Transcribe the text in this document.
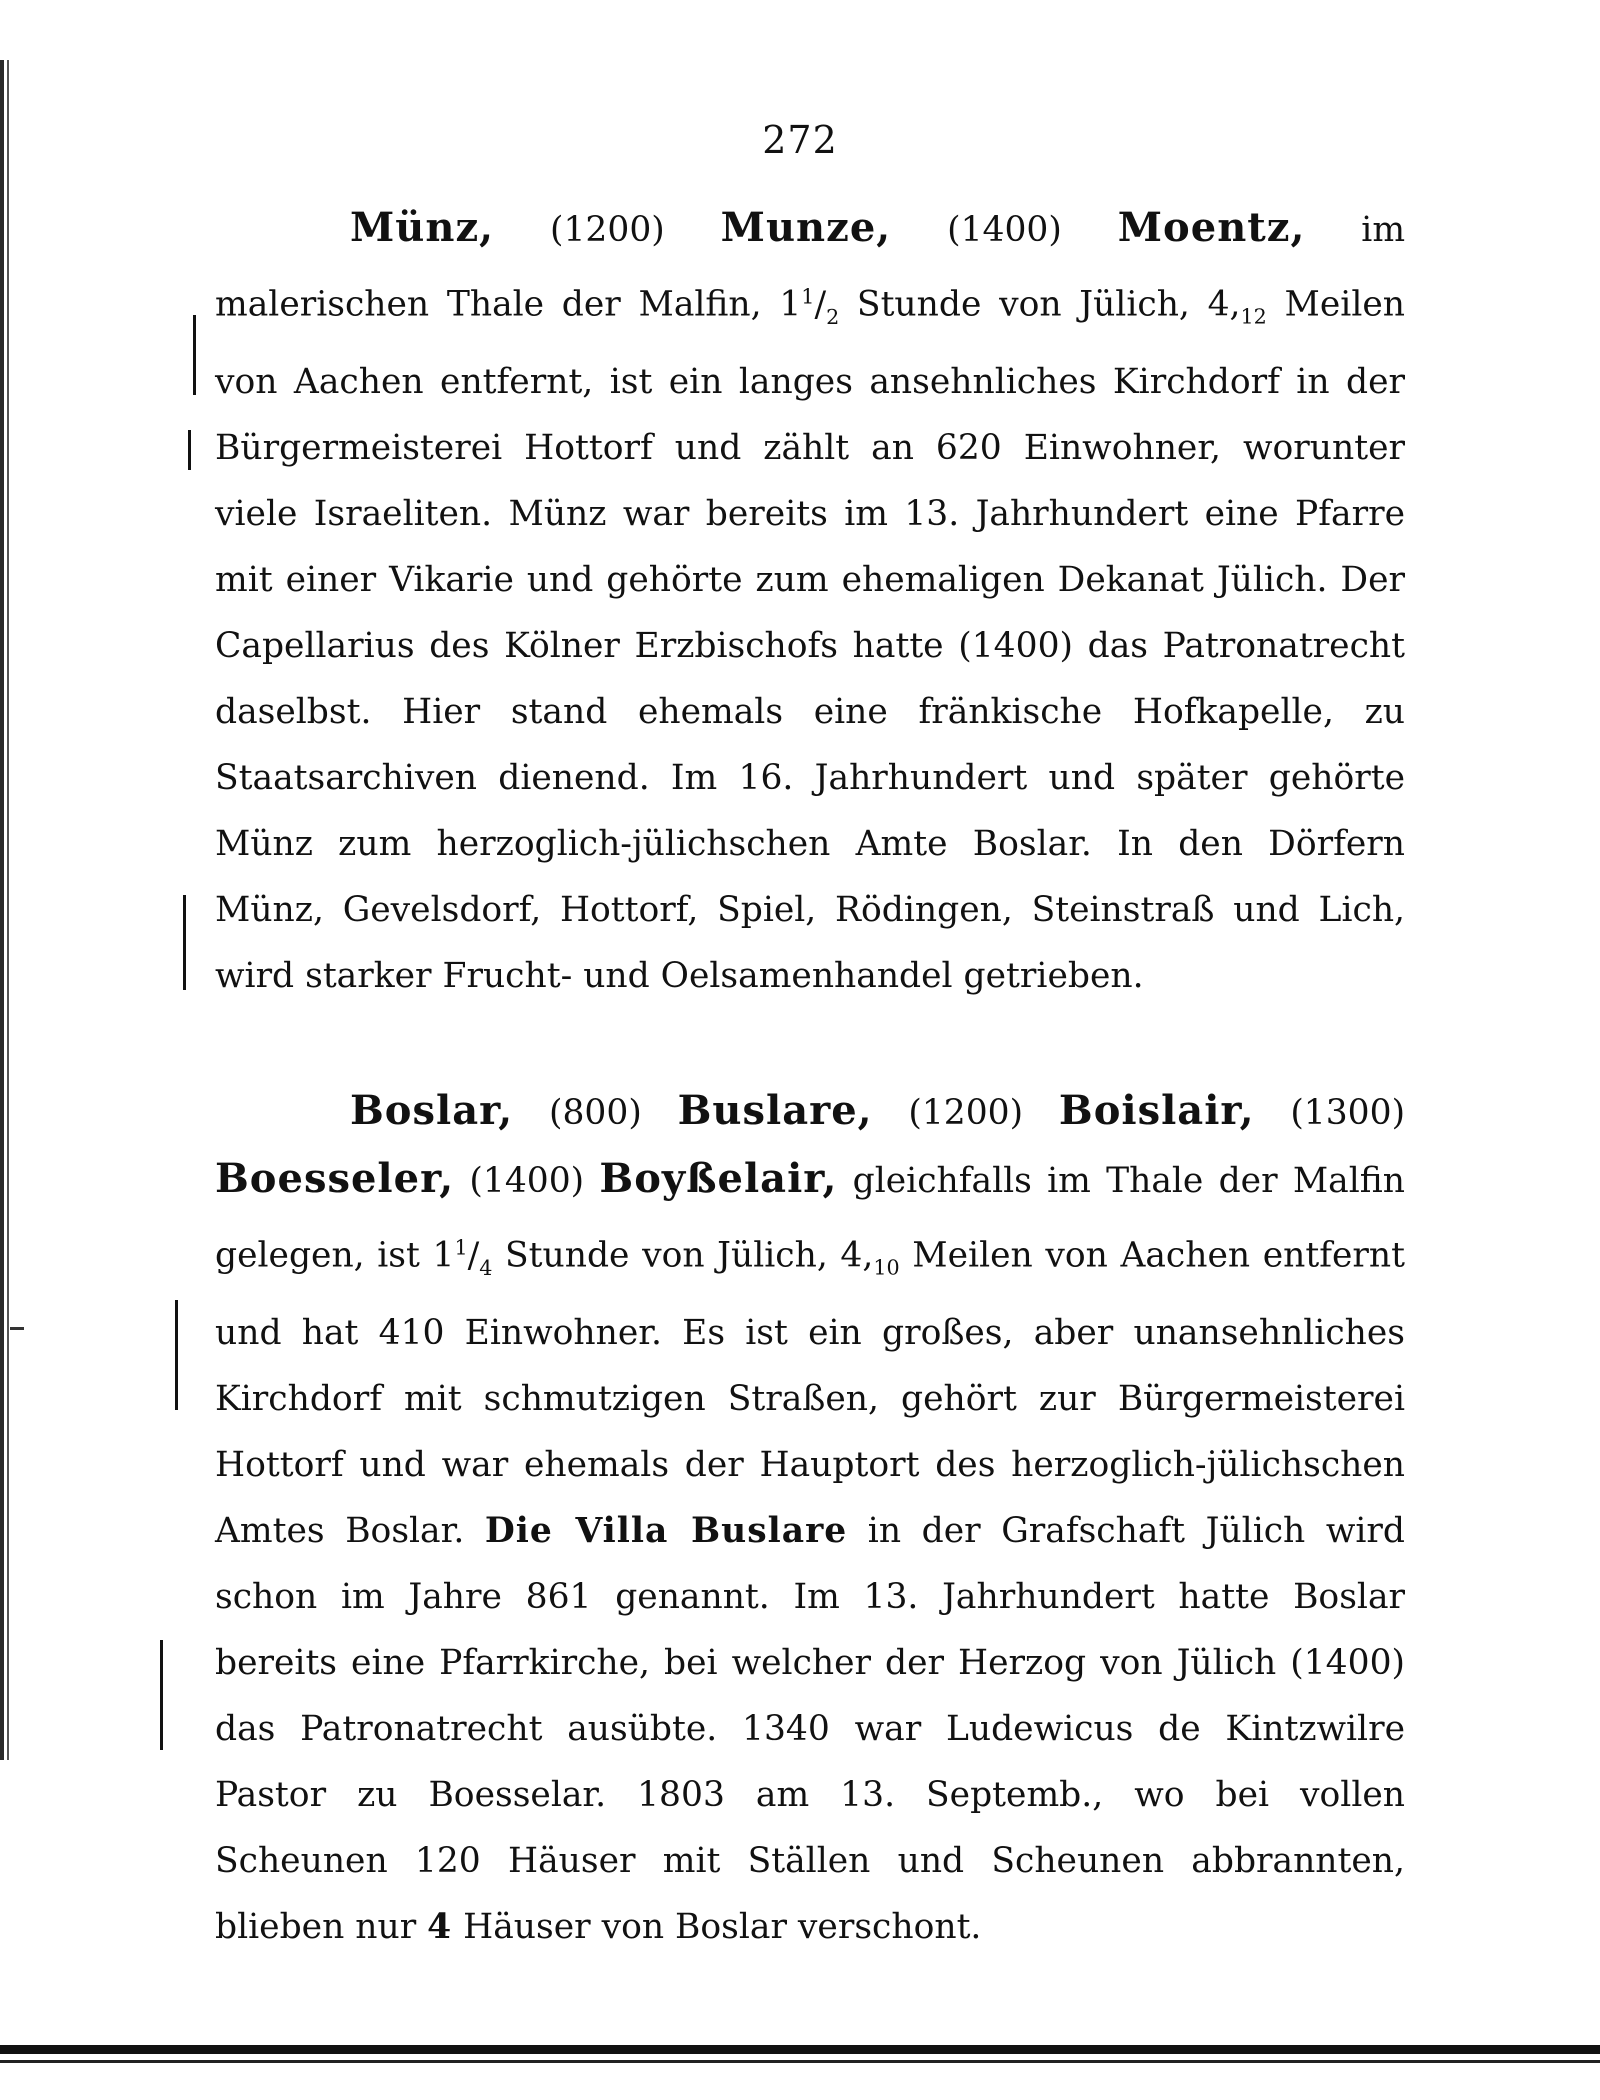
272

Münz, (1200) Munze, (1400) Moentz, im malerischen Thale der Malfin, $1^1/_2$ Stunde von Jülich, $4,_{12}$ Meilen von Aachen entfernt, ist ein langes ansehnliches Kirchdorf in der Bürgermeisterei Hottorf und zählt an 620 Einwohner, worunter viele Israeliten. Münz war bereits im 13. Jahrhundert eine Pfarre mit einer Vikarie und gehörte zum ehemaligen Dekanat Jülich. Der Capellarius des Kölner Erzbischofs hatte (1400) das Patronatrecht daselbst. Hier stand ehemals eine fränkische Hofkapelle, zu Staatsarchiven dienend. Im 16. Jahrhundert und später gehörte Münz zum herzoglich-jülichschen Amte Boslar. In den Dörfern Münz, Gevelsdorf, Hottorf, Spiel, Rödingen, Steinstraß und Lich, wird starker Frucht- und Oelsamenhandel getrieben.

Boslar, (800) Buslare, (1200) Boislair, (1300) Boesseler, (1400) Boyßelair, gleichfalls im Thale der Malfin gelegen, ist $1^1/_4$ Stunde von Jülich, $4,_{10}$ Meilen von Aachen entfernt und hat 410 Einwohner. Es ist ein großes, aber unansehnliches Kirchdorf mit schmutzigen Straßen, gehört zur Bürgermeisterei Hottorf und war ehemals der Hauptort des herzoglich-jülichschen Amtes Boslar. Die Villa Buslare in der Grafschaft Jülich wird schon im Jahre 861 genannt. Im 13. Jahrhundert hatte Boslar bereits eine Pfarrkirche, bei welcher der Herzog von Jülich (1400) das Patronatrecht ausübte. 1340 war Ludewicus de Kintzwilre Pastor zu Boesselar. 1803 am 13. Septemb., wo bei vollen Scheunen 120 Häuser mit Ställen und Scheunen abbrannten, blieben nur 4 Häuser von Boslar verschont.
